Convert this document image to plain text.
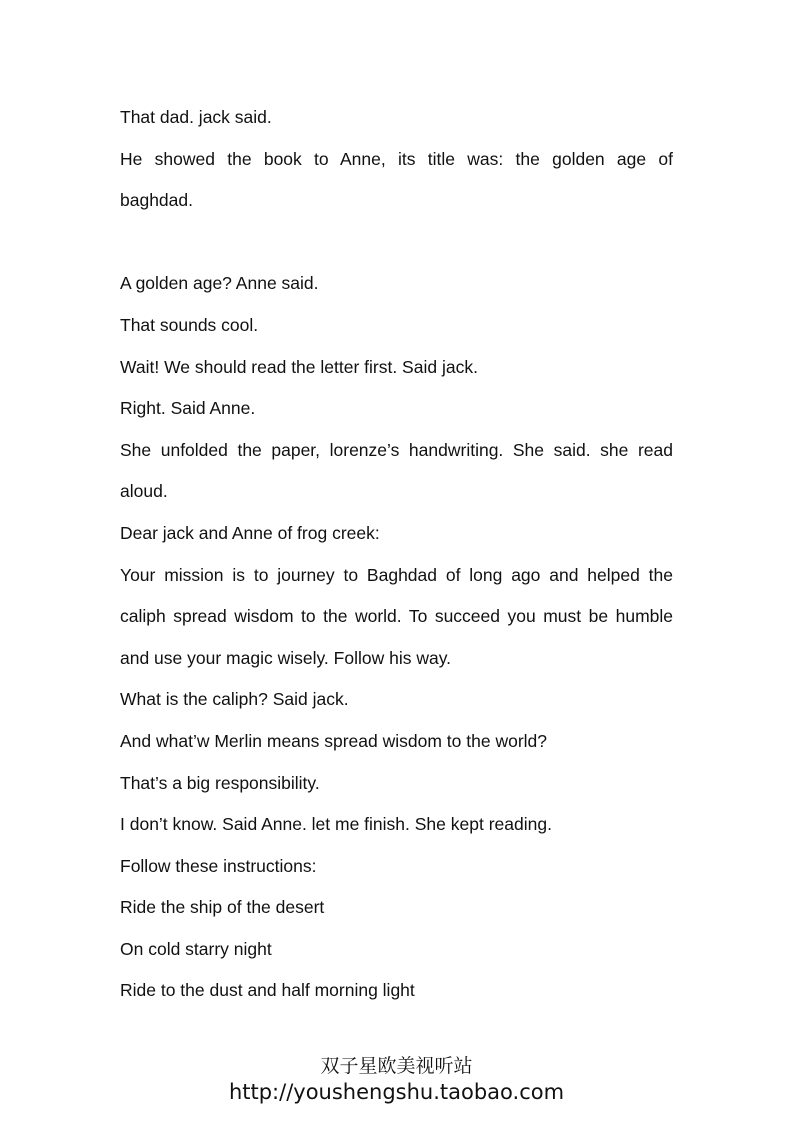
That dad. jack said.
He showed the book to Anne, its title was: the golden age of
baghdad.
A golden age? Anne said.
That sounds cool.
Wait! We should read the letter first. Said jack.
Right. Said Anne.
She unfolded the paper, lorenze’s handwriting. She said. she read
aloud.
Dear jack and Anne of frog creek:
Your mission is to journey to Baghdad of long ago and helped the
caliph spread wisdom to the world. To succeed you must be humble
and use your magic wisely. Follow his way.
What is the caliph? Said jack.
And what’w Merlin means spread wisdom to the world?
That’s a big responsibility.
I don’t know. Said Anne. let me finish. She kept reading.
Follow these instructions:
Ride the ship of the desert
On cold starry night
Ride to the dust and half morning light
双子星欧美视听站
http://youshengshu.taobao.com
